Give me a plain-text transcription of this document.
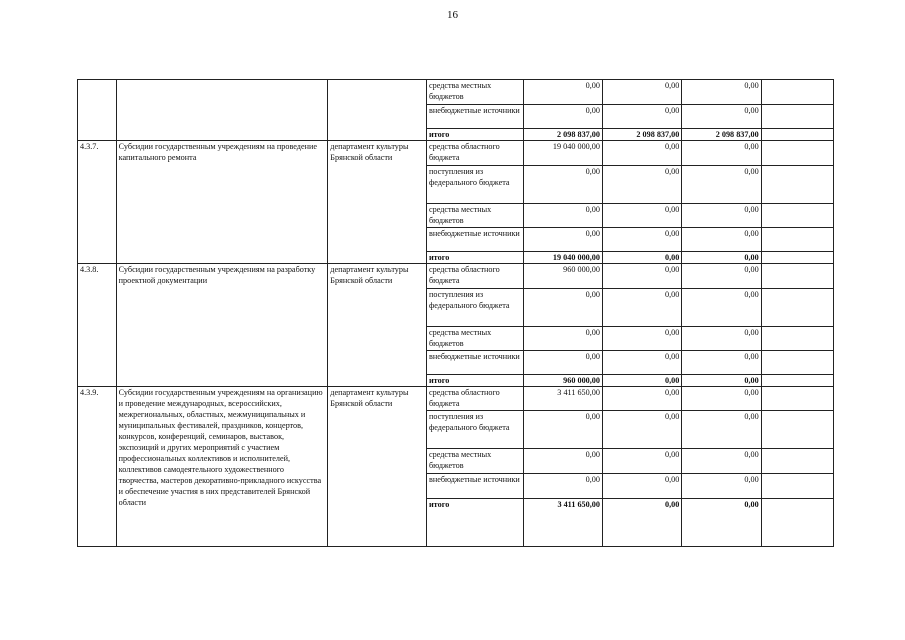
16
			средства местных бюджетов	0,00	0,00	0,00	
			внебюджетные источники	0,00	0,00	0,00	
			итого	2 098 837,00	2 098 837,00	2 098 837,00	
4.3.7.	Субсидии государственным учреждениям на проведение капитального ремонта	департамент культуры Брянской области	средства областного бюджета	19 040 000,00	0,00	0,00	
			поступления из федерального бюджета	0,00	0,00	0,00	
			средства местных бюджетов	0,00	0,00	0,00	
			внебюджетные источники	0,00	0,00	0,00	
			итого	19 040 000,00	0,00	0,00	
4.3.8.	Субсидии государственным учреждениям на разработку проектной документации	департамент культуры Брянской области	средства областного бюджета	960 000,00	0,00	0,00	
			поступления из федерального бюджета	0,00	0,00	0,00	
			средства местных бюджетов	0,00	0,00	0,00	
			внебюджетные источники	0,00	0,00	0,00	
			итого	960 000,00	0,00	0,00	
4.3.9.	Субсидии государственным учреждениям на организацию и проведение международных, всероссийских, межрегиональных, областных, межмуниципальных и муниципальных фестивалей, праздников, концертов, конкурсов, конференций, семинаров, выставок, экспозиций и других мероприятий с участием профессиональных коллективов и исполнителей, коллективов самодеятельного художественного творчества, мастеров декоративно-прикладного искусства и обеспечение участия в них представителей Брянской области	департамент культуры Брянской области	средства областного бюджета	3 411 650,00	0,00	0,00	
			поступления из федерального бюджета	0,00	0,00	0,00	
			средства местных бюджетов	0,00	0,00	0,00	
			внебюджетные источники	0,00	0,00	0,00	
			итого	3 411 650,00	0,00	0,00	
